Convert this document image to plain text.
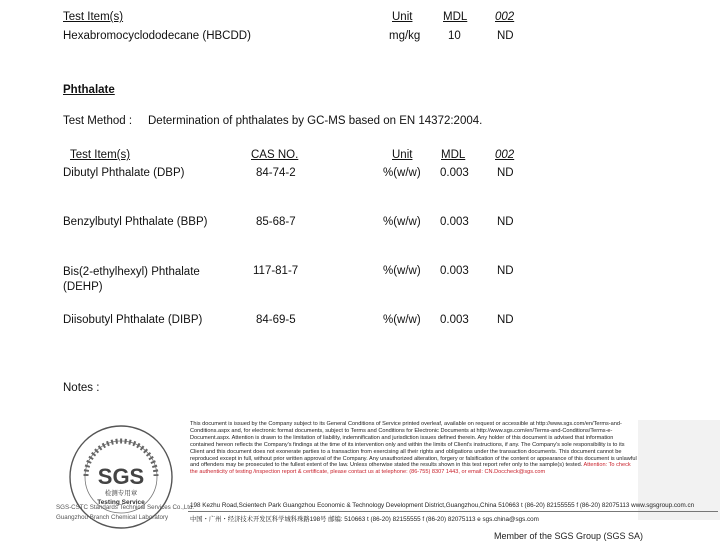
Test Item(s)	Unit	MDL 002
Hexabromocyclododecane (HBCDD)	mg/kg 10	ND
Phthalate
Test Method : Determination of phthalates by GC-MS based on EN 14372:2004.
Test Item(s)	CAS NO.	Unit MDL	002
Dibutyl Phthalate (DBP)	84-74-2	%(w/w) 0.003 ND
Benzylbutyl Phthalate (BBP)	85-68-7	%(w/w) 0.003 ND
Bis(2-ethylhexyl) Phthalate (DEHP)
117-81-7	%(w/w) 0.003 ND
Diisobutyl Phthalate (DIBP)	84-69-5	%(w/w) 0.003 ND
Notes :
SGS
检测专用章
Testing Service
SGS-CSTC Standards Technical Services Co.,Ltd.
Guangzhou Branch Chemical Laboratory
This document is issued by the Company subject to its General Conditions of Service printed overleaf, available on request or accessible at http://www.sgs.com/en/Terms-and-Conditions.aspx and, for electronic format documents, subject to Terms and Conditions for Electronic Documents at http://www.sgs.com/en/Terms-and-Conditions/Terms-e-Document.aspx. Attention is drawn to the limitation of liability, indemnification and jurisdiction issues defined therein. Any holder of this document is advised that information contained hereon reflects the Company's findings at the time of its intervention only and within the limits of Client's instructions, if any. The Company's sole responsibility is to its Client and this document does not exonerate parties to a transaction from exercising all their rights and obligations under the transaction documents. This document cannot be reproduced except in full, without prior written approval of the Company. Any unauthorized alteration, forgery or falsification of the content or appearance of this document is unlawful and offenders may be prosecuted to the fullest extent of the law. Unless otherwise stated the results shown in this test report refer only to the sample(s) tested. Attention: To check the authenticity of testing /inspection report & certificate, please contact us at telephone: (86-755) 8307 1443, or email: CN.Doccheck@sgs.com
198 Kezhu Road,Scientech Park Guangzhou Economic & Technology Development District,Guangzhou,China 510663 t (86-20) 82155555 f (86-20) 82075113 www.sgsgroup.com.cn
中国・广州・经济技术开发区科学城科珠路198号 邮编: 510663 t (86-20) 82155555 f (86-20) 82075113 e sgs.china@sgs.com
Member of the SGS Group (SGS SA)
